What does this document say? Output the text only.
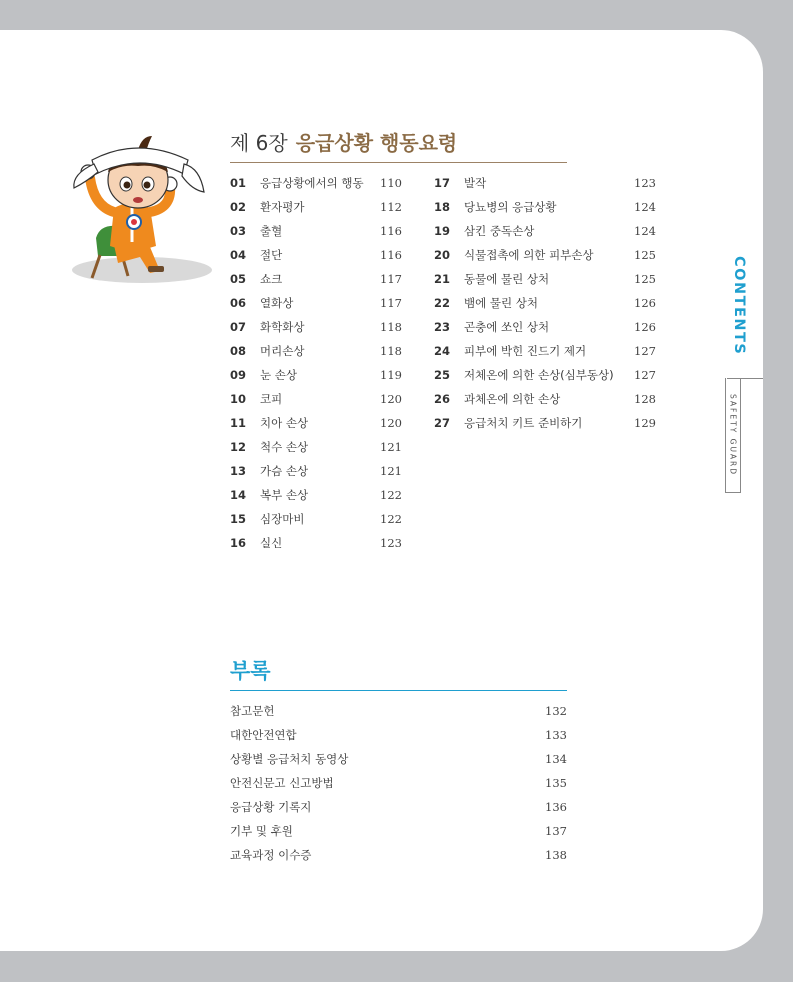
제 6장 응급상황 행동요령
01 응급상황에서의 행동 110
02 환자평가	112
03 출혈	116
04 절단	116
05 쇼크	117
06 열화상	117
07 화학화상	118
08 머리손상	118
09 눈 손상	119
10 코피	120
11 치아 손상	120
12 척수 손상	121
13 가슴 손상	121
14 복부 손상	122
15 심장마비	122
16 실신	123
17 발작	123
18 당뇨병의 응급상황	124
19 삼킨 중독손상	124
20 식물접촉에 의한 피부손상	125
21 동물에 물린 상처	125
22 뱀에 물린 상처	126
23 곤충에 쏘인 상처	126
24 피부에 박힌 진드기 제거	127
25 저체온에 의한 손상(심부동상) 127
26 과체온에 의한 손상	128
27 응급처치 키트 준비하기	129
부록
참고문헌	132
대한안전연합	133
상황별 응급처치 동영상	134
안전신문고 신고방법	135
응급상황 기록지	136
기부 및 후원	137
교육과정 이수증	138
CONTENTS
SAFETY GUARD
